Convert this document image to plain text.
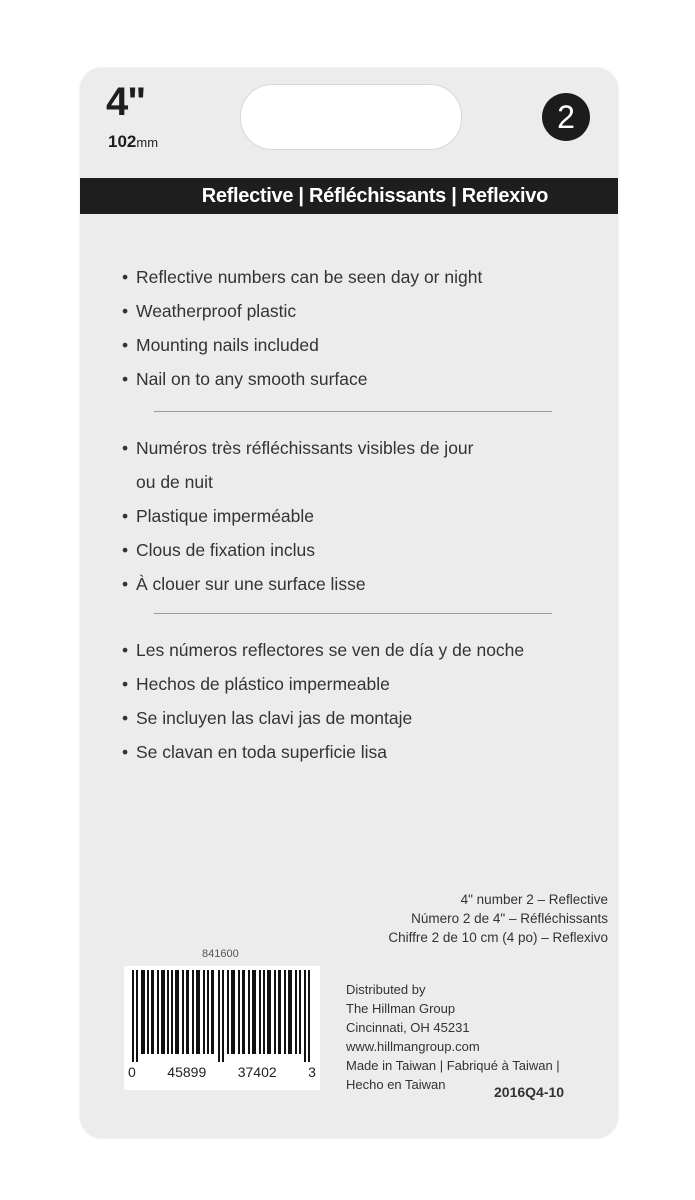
4"
102mm
2
Reflective | Réfléchissants | Reflexivo
• Reflective numbers can be seen day or night
• Weatherproof plastic
• Mounting nails included
• Nail on to any smooth surface
• Numéros très réfléchissants visibles de jour
ou de nuit
• Plastique imperméable
• Clous de fixation inclus
• À clouer sur une surface lisse
• Les números reflectores se ven de día y de noche
• Hechos de plástico impermeable
• Se incluyen las clavi jas de montaje
• Se clavan en toda superficie lisa
4" number 2 – Reflective
Número 2 de 4" – Réfléchissants
Chiffre 2 de 10 cm (4 po) – Reflexivo
841600
0 45899 37402 3
Distributed by
The Hillman Group
Cincinnati, OH 45231
www.hillmangroup.com
Made in Taiwan | Fabriqué à Taiwan |
Hecho en Taiwan	2016Q4-10
